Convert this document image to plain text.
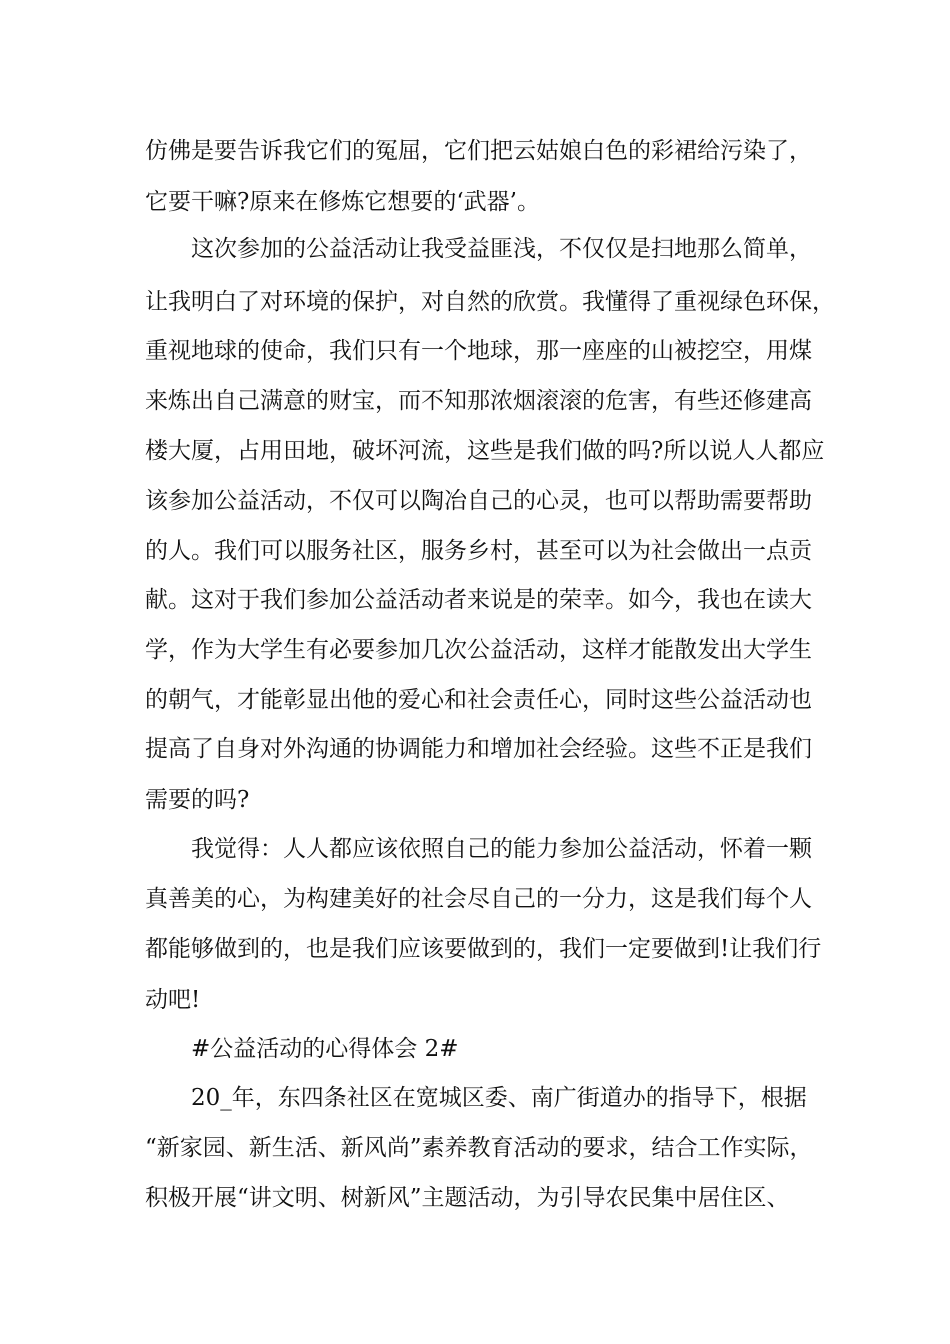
仿佛是要告诉我它们的冤屈，它们把云姑娘白色的彩裙给污染了，
它要干嘛?原来在修炼它想要的‘武器’。
这次参加的公益活动让我受益匪浅，不仅仅是扫地那么简单，
让我明白了对环境的保护，对自然的欣赏。我懂得了重视绿色环保，
重视地球的使命，我们只有一个地球，那一座座的山被挖空，用煤
来炼出自己满意的财宝，而不知那浓烟滚滚的危害，有些还修建高
楼大厦，占用田地，破坏河流，这些是我们做的吗?所以说人人都应
该参加公益活动，不仅可以陶冶自己的心灵，也可以帮助需要帮助
的人。我们可以服务社区，服务乡村，甚至可以为社会做出一点贡
献。这对于我们参加公益活动者来说是的荣幸。如今，我也在读大
学，作为大学生有必要参加几次公益活动，这样才能散发出大学生
的朝气，才能彰显出他的爱心和社会责任心，同时这些公益活动也
提高了自身对外沟通的协调能力和增加社会经验。这些不正是我们
需要的吗?
我觉得：人人都应该依照自己的能力参加公益活动，怀着一颗
真善美的心，为构建美好的社会尽自己的一分力，这是我们每个人
都能够做到的，也是我们应该要做到的，我们一定要做到!让我们行
动吧!
#公益活动的心得体会 2#
20_年，东四条社区在宽城区委、南广街道办的指导下，根据
“新家园、新生活、新风尚”素养教育活动的要求，结合工作实际，
积极开展“讲文明、树新风”主题活动，为引导农民集中居住区、
